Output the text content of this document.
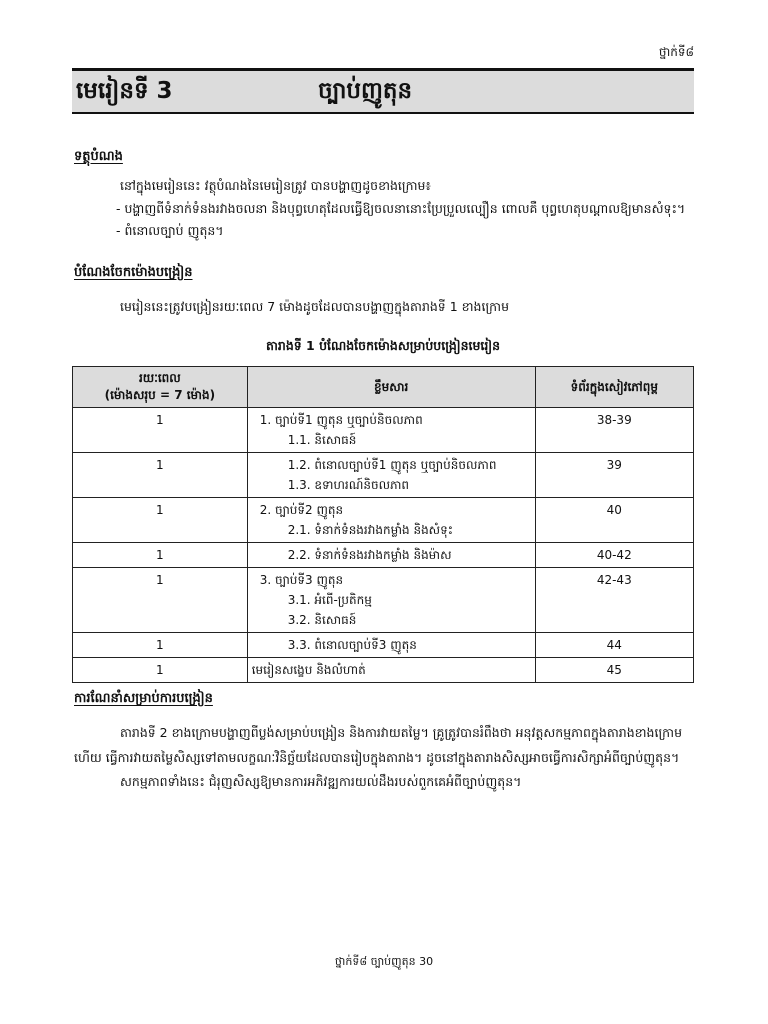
ថ្នាក់ទី៨
មេរៀនទី 3	ច្បាប់ញូតុន
ទត្ថុបំណង
នៅក្នុងមេរៀននេះ វត្ថុបំណងនៃមេរៀនត្រូវ បានបង្ហាញដូចខាងក្រោម៖
- បង្ហាញពីទំនាក់ទំនងរវាងចលនា និងបុព្វហេតុដែលធ្វើឱ្យចលនានោះប្រែប្រួលល្បឿន ពោលគឺ បុព្វហេតុបណ្តាលឱ្យមានសំទុះ។
- ពំនោលច្បាប់ ញូតុន។
បំណែងចែកម៉ោងបង្រៀន
មេរៀននេះត្រូវបង្រៀនរយៈពេល 7 ម៉ោងដូចដែលបានបង្ហាញក្នុងតារាងទី 1 ខាងក្រោម
តារាងទី 1 បំណែងចែកម៉ោងសម្រាប់បង្រៀនមេរៀន
រយៈពេល
(ម៉ោងសរុប = 7 ម៉ោង)	ខ្លឹមសារ	ទំព័រក្នុងសៀវភៅពុម្ព
1	1. ច្បាប់ទី1 ញូតុន ឬច្បាប់និចលភាព
1.1. និសោធន៍	38-39
1	1.2. ពំនោលច្បាប់ទី1 ញូតុន ឬច្បាប់និចលភាព
1.3. ឧទាហរណ៍និចលភាព	39
1	2. ច្បាប់ទី2 ញូតុន
2.1. ទំនាក់ទំនងរវាងកម្លាំង និងសំទុះ	40
1	2.2. ទំនាក់ទំនងរវាងកម្លាំង និងម៉ាស	40-42
1	3. ច្បាប់ទី3 ញូតុន
3.1. អំពើ-ប្រតិកម្ម
3.2. និសោធន៍	42-43
1	3.3. ពំនោលច្បាប់ទី3 ញូតុន	44
1	មេរៀនសង្ខេប និងលំហាត់	45
ការណែនាំសម្រាប់ការបង្រៀន
តារាងទី 2 ខាងក្រោមបង្ហាញពីប្លង់សម្រាប់បង្រៀន និងការវាយតម្លៃ។ គ្រូត្រូវបានរំពឹងថា អនុវត្តសកម្មភាពក្នុងតារាងខាងក្រោម
ហើយ ធ្វើការវាយតម្លៃសិស្សទៅតាមលក្ខណៈវិនិច្ឆ័យដែលបានរៀបក្នុងតារាង។ ដូចនៅក្នុងតារាងសិស្សអាចធ្វើការសិក្សាអំពីច្បាប់ញូតុន។
សកម្មភាពទាំងនេះ ជំរុញសិស្សឱ្យមានការអភិវឌ្ឍការយល់ដឹងរបស់ពួកគេអំពីច្បាប់ញូតុន។
ថ្នាក់ទី៨ ច្បាប់ញូតុន 30
